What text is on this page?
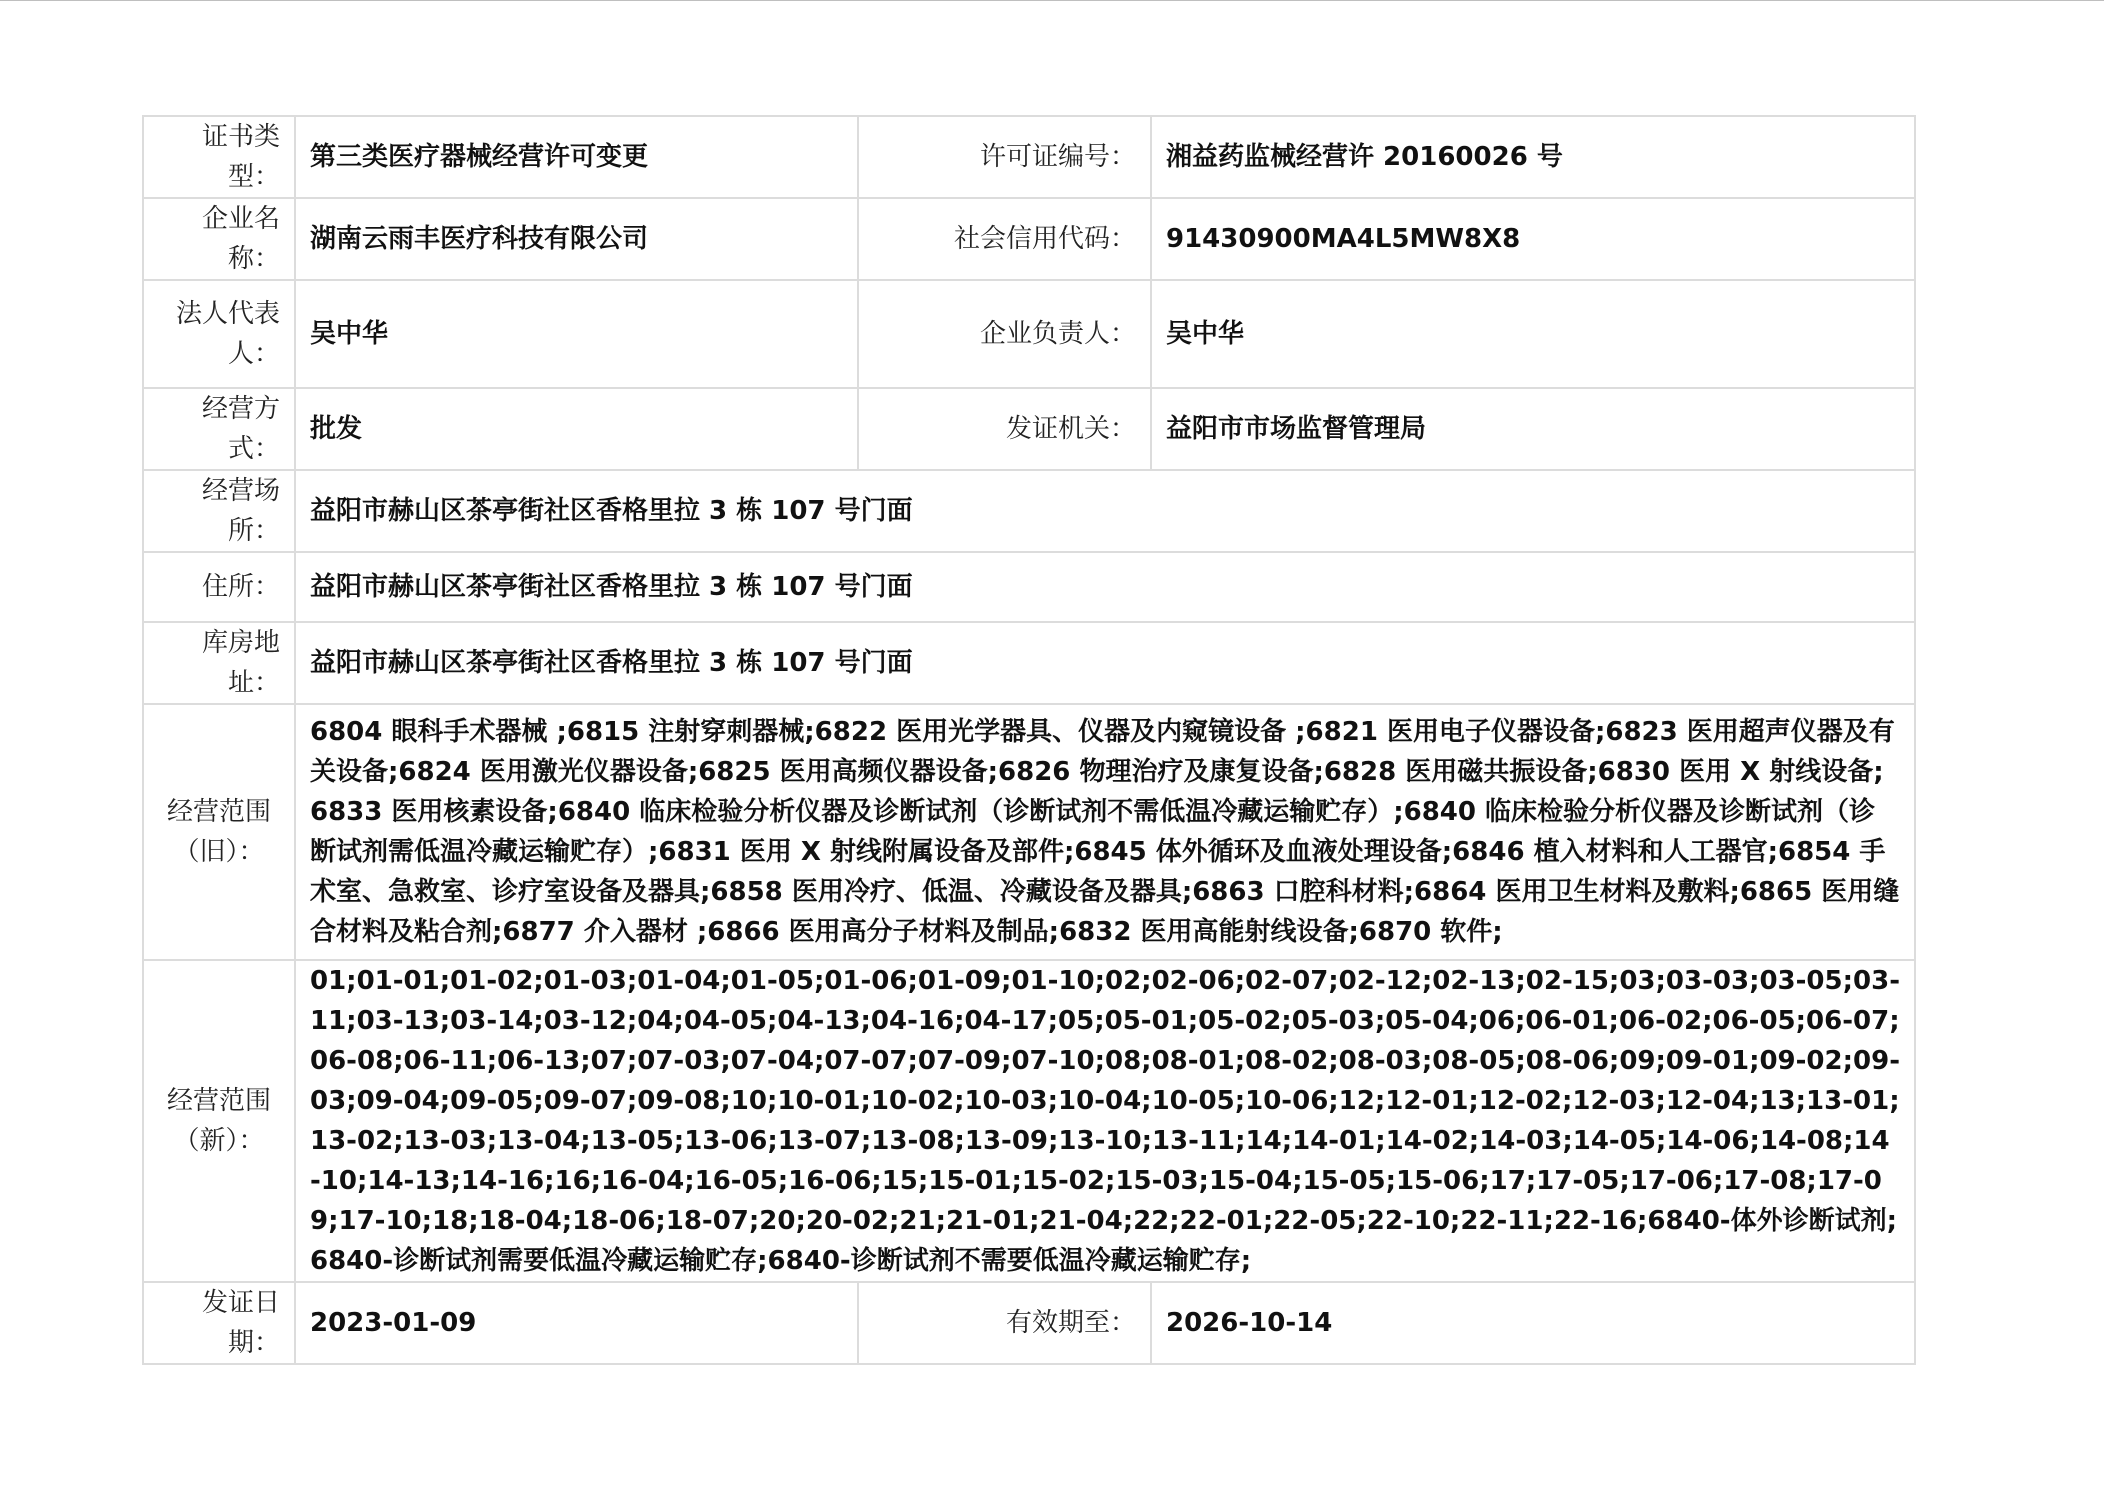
证书类型：	第三类医疗器械经营许可变更	许可证编号：	湘益药监械经营许 20160026 号
企业名称：	湖南云雨丰医疗科技有限公司	社会信用代码：	91430900MA4L5MW8X8
法人代表人：	吴中华	企业负责人：	吴中华
经营方式：	批发	发证机关：	益阳市市场监督管理局
经营场所：	益阳市赫山区茶亭街社区香格里拉 3 栋 107 号门面		
住所：	益阳市赫山区茶亭街社区香格里拉 3 栋 107 号门面		
库房地址：	益阳市赫山区茶亭街社区香格里拉 3 栋 107 号门面		
经营范围（旧）：	6804 眼科手术器械 ;6815 注射穿刺器械;6822 医用光学器具、仪器及内窥镜设备 ;6821 医用电子仪器设备;6823 医用超声仪器及有关设备;6824 医用激光仪器设备;6825 医用高频仪器设备;6826 物理治疗及康复设备;6828 医用磁共振设备;6830 医用 X 射线设备;6833 医用核素设备;6840 临床检验分析仪器及诊断试剂（诊断试剂不需低温冷藏运输贮存）;6840 临床检验分析仪器及诊断试剂（诊断试剂需低温冷藏运输贮存）;6831 医用 X 射线附属设备及部件;6845 体外循环及血液处理设备;6846 植入材料和人工器官;6854 手术室、急救室、诊疗室设备及器具;6858 医用冷疗、低温、冷藏设备及器具;6863 口腔科材料;6864 医用卫生材料及敷料;6865 医用缝合材料及粘合剂;6877 介入器材 ;6866 医用高分子材料及制品;6832 医用高能射线设备;6870 软件;		
经营范围（新）：	01;01-01;01-02;01-03;01-04;01-05;01-06;01-09;01-10;02;02-06;02-07;02-12;02-13;02-15;03;03-03;03-05;03-11;03-13;03-14;03-12;04;04-05;04-13;04-16;04-17;05;05-01;05-02;05-03;05-04;06;06-01;06-02;06-05;06-07;06-08;06-11;06-13;07;07-03;07-04;07-07;07-09;07-10;08;08-01;08-02;08-03;08-05;08-06;09;09-01;09-02;09-03;09-04;09-05;09-07;09-08;10;10-01;10-02;10-03;10-04;10-05;10-06;12;12-01;12-02;12-03;12-04;13;13-01;13-02;13-03;13-04;13-05;13-06;13-07;13-08;13-09;13-10;13-11;14;14-01;14-02;14-03;14-05;14-06;14-08;14-10;14-13;14-16;16;16-04;16-05;16-06;15;15-01;15-02;15-03;15-04;15-05;15-06;17;17-05;17-06;17-08;17-09;17-10;18;18-04;18-06;18-07;20;20-02;21;21-01;21-04;22;22-01;22-05;22-10;22-11;22-16;6840-体外诊断试剂;6840-诊断试剂需要低温冷藏运输贮存;6840-诊断试剂不需要低温冷藏运输贮存;		
发证日期：	2023-01-09	有效期至：	2026-10-14
